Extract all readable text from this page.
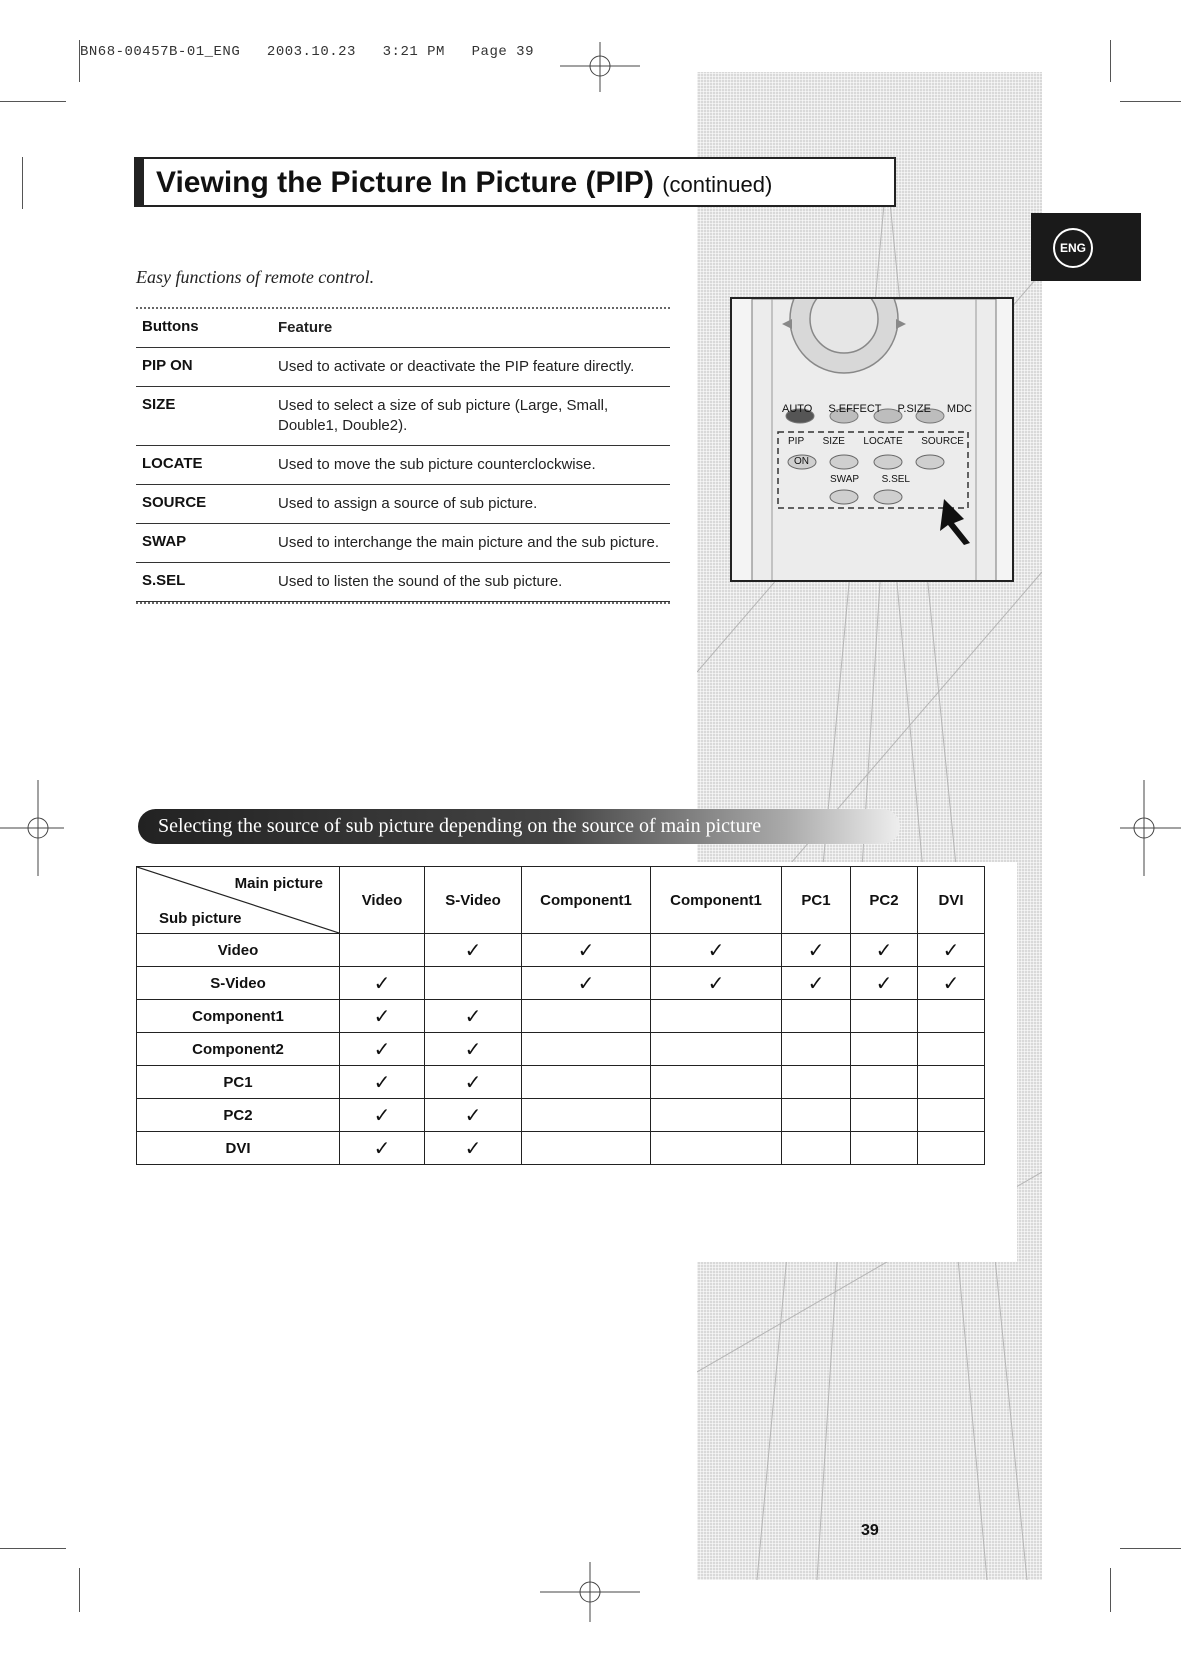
BN68-00457B-01_ENG   2003.10.23   3:21 PM   Page 39
ENG
Viewing the Picture In Picture (PIP) (continued)
Easy functions of remote control.
Buttons	Feature
PIP ON	Used to activate or deactivate the PIP feature directly.
SIZE	Used to select a size of sub picture (Large, Small, Double1, Double2).
LOCATE	Used to move the sub picture counterclockwise.
SOURCE	Used to assign a source of sub picture.
SWAP	Used to interchange the main picture and the sub picture.
S.SEL	Used to listen the sound of the sub picture.
AUTO S.EFFECT P.SIZE MDC
PIP SIZE LOCATE SOURCE
ON
SWAP S.SEL
Selecting the source of sub picture depending on the source of main picture
Main picture
Sub picture	Video	S-Video	Component1	Component1	PC1	PC2	DVI
Video		✓	✓	✓	✓	✓	✓
S-Video	✓		✓	✓	✓	✓	✓
Component1	✓	✓					
Component2	✓	✓					
PC1	✓	✓					
PC2	✓	✓					
DVI	✓	✓					
39
